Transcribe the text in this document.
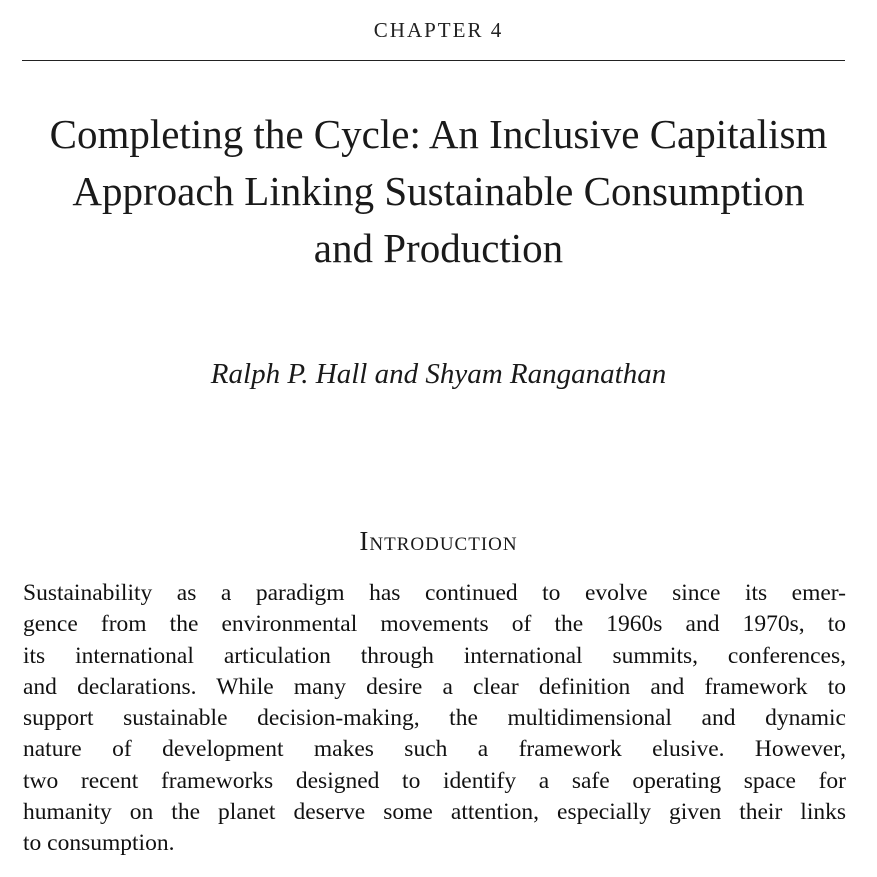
CHAPTER 4
Completing the Cycle: An Inclusive Capitalism
Approach Linking Sustainable Consumption
and Production
Ralph P. Hall and Shyam Ranganathan
Introduction

Sustainability as a paradigm has continued to evolve since its emer-
gence from the environmental movements of the 1960s and 1970s, to
its international articulation through international summits, conferences,
and declarations. While many desire a clear definition and framework to
support sustainable decision-making, the multidimensional and dynamic
nature of development makes such a framework elusive. However,
two recent frameworks designed to identify a safe operating space for
humanity on the planet deserve some attention, especially given their links
to consumption.
